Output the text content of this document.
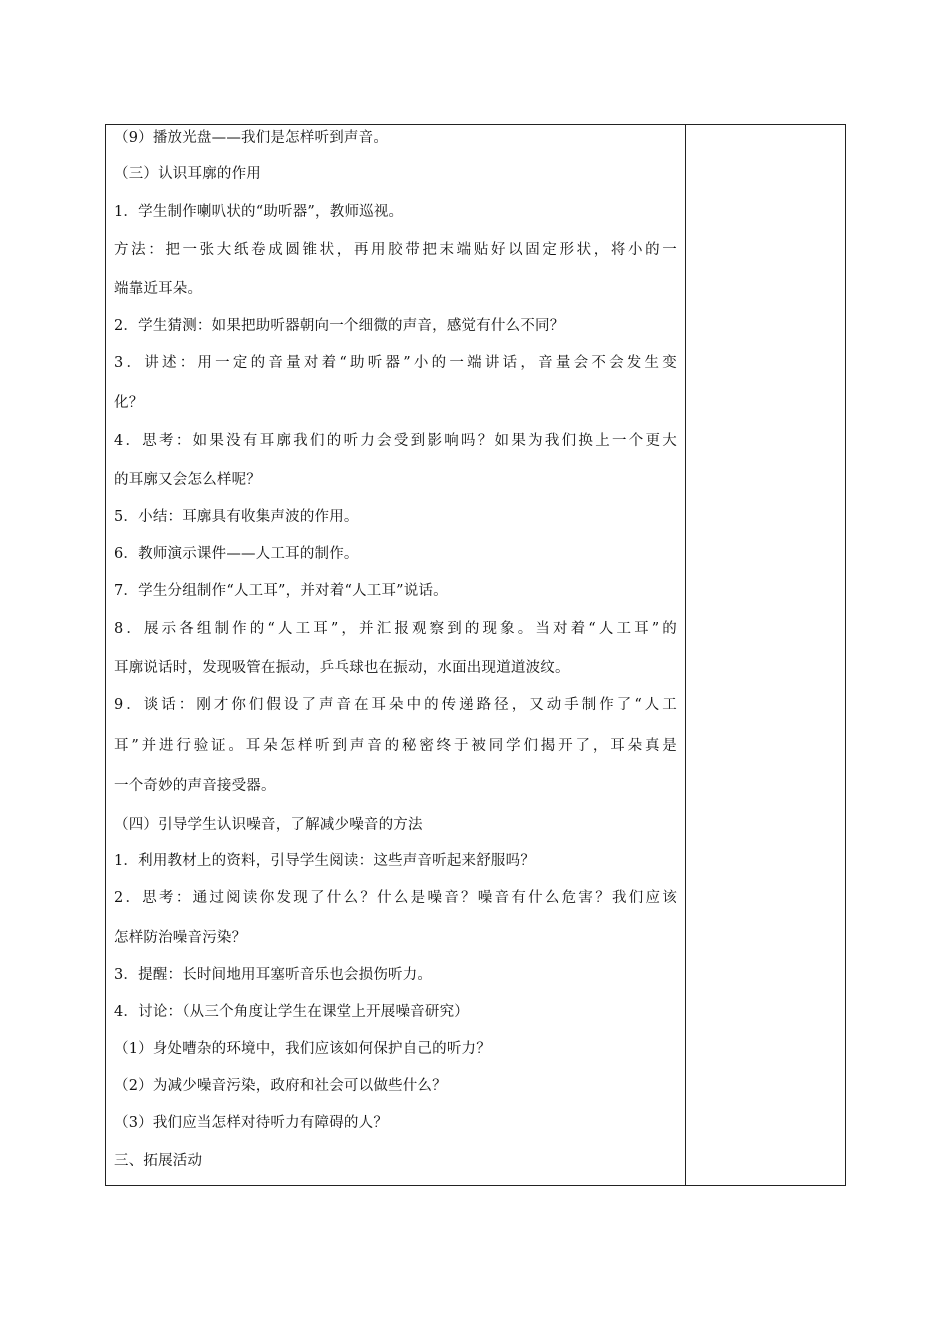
（9）播放光盘——我们是怎样听到声音。
（三）认识耳廓的作用
1．学生制作喇叭状的“助听器”，教师巡视。
方法：把一张大纸卷成圆锥状，再用胶带把末端贴好以固定形状，将小的一
端靠近耳朵。
2．学生猜测：如果把助听器朝向一个细微的声音，感觉有什么不同？
3．讲述：用一定的音量对着“助听器”小的一端讲话，音量会不会发生变
化？
4．思考：如果没有耳廓我们的听力会受到影响吗？如果为我们换上一个更大
的耳廓又会怎么样呢？
5．小结：耳廓具有收集声波的作用。
6．教师演示课件——人工耳的制作。
7．学生分组制作“人工耳”，并对着“人工耳”说话。
8．展示各组制作的“人工耳”，并汇报观察到的现象。当对着“人工耳”的
耳廓说话时，发现吸管在振动，乒乓球也在振动，水面出现道道波纹。
9．谈话：刚才你们假设了声音在耳朵中的传递路径，又动手制作了“人工
耳”并进行验证。耳朵怎样听到声音的秘密终于被同学们揭开了，耳朵真是
一个奇妙的声音接受器。
（四）引导学生认识噪音，了解减少噪音的方法
1．利用教材上的资料，引导学生阅读：这些声音听起来舒服吗？
2．思考：通过阅读你发现了什么？什么是噪音？噪音有什么危害？我们应该
怎样防治噪音污染？
3．提醒：长时间地用耳塞听音乐也会损伤听力。
4．讨论：（从三个角度让学生在课堂上开展噪音研究）
（1）身处嘈杂的环境中，我们应该如何保护自己的听力？
（2）为减少噪音污染，政府和社会可以做些什么？
（3）我们应当怎样对待听力有障碍的人？
三、拓展活动
